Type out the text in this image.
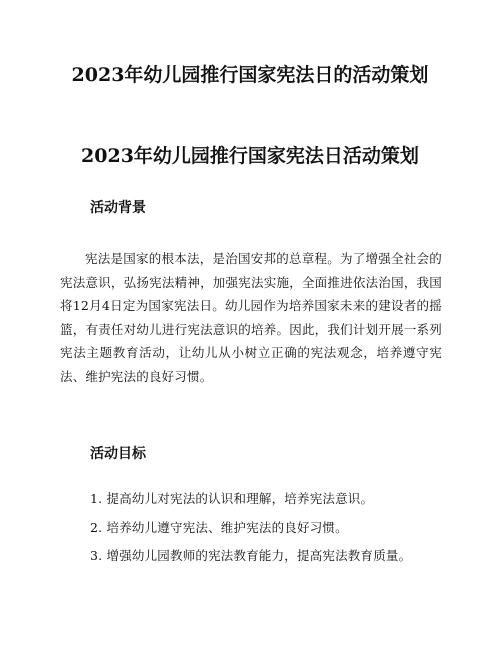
2023年幼儿园推行国家宪法日的活动策划
2023年幼儿园推行国家宪法日活动策划
活动背景

宪法是国家的根本法，是治国安邦的总章程。为了增强全社会的宪法意识，弘扬宪法精神，加强宪法实施，全面推进依法治国，我国将12月4日定为国家宪法日。幼儿园作为培养国家未来的建设者的摇篮，有责任对幼儿进行宪法意识的培养。因此，我们计划开展一系列宪法主题教育活动，让幼儿从小树立正确的宪法观念，培养遵守宪法、维护宪法的良好习惯。

活动目标
1. 提高幼儿对宪法的认识和理解，培养宪法意识。
2. 培养幼儿遵守宪法、维护宪法的良好习惯。
3. 增强幼儿园教师的宪法教育能力，提高宪法教育质量。
